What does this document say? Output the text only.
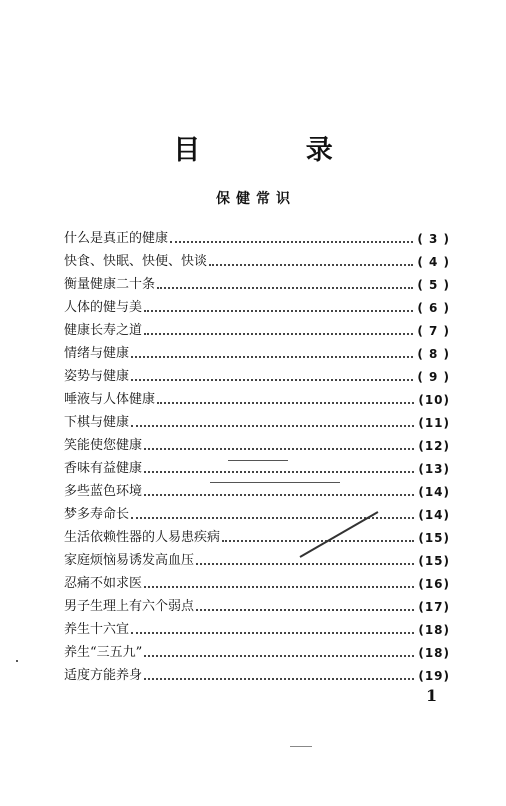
目 录
保健常识
什么是真正的健康	( 3 )
快食、快眠、快便、快谈	( 4 )
衡量健康二十条	( 5 )
人体的健与美	( 6 )
健康长寿之道	( 7 )
情绪与健康	( 8 )
姿势与健康	( 9 )
唾液与人体健康	(10)
下棋与健康	(11)
笑能使您健康	(12)
香味有益健康	(13)
多些蓝色环境	(14)
梦多寿命长	(14)
生活依赖性器的人易患疾病	(15)
家庭烦恼易诱发高血压	(15)
忍痛不如求医	(16)
男子生理上有六个弱点	(17)
养生十六宜	(18)
养生“三五九”	(18)
适度方能养身	(19)
1
